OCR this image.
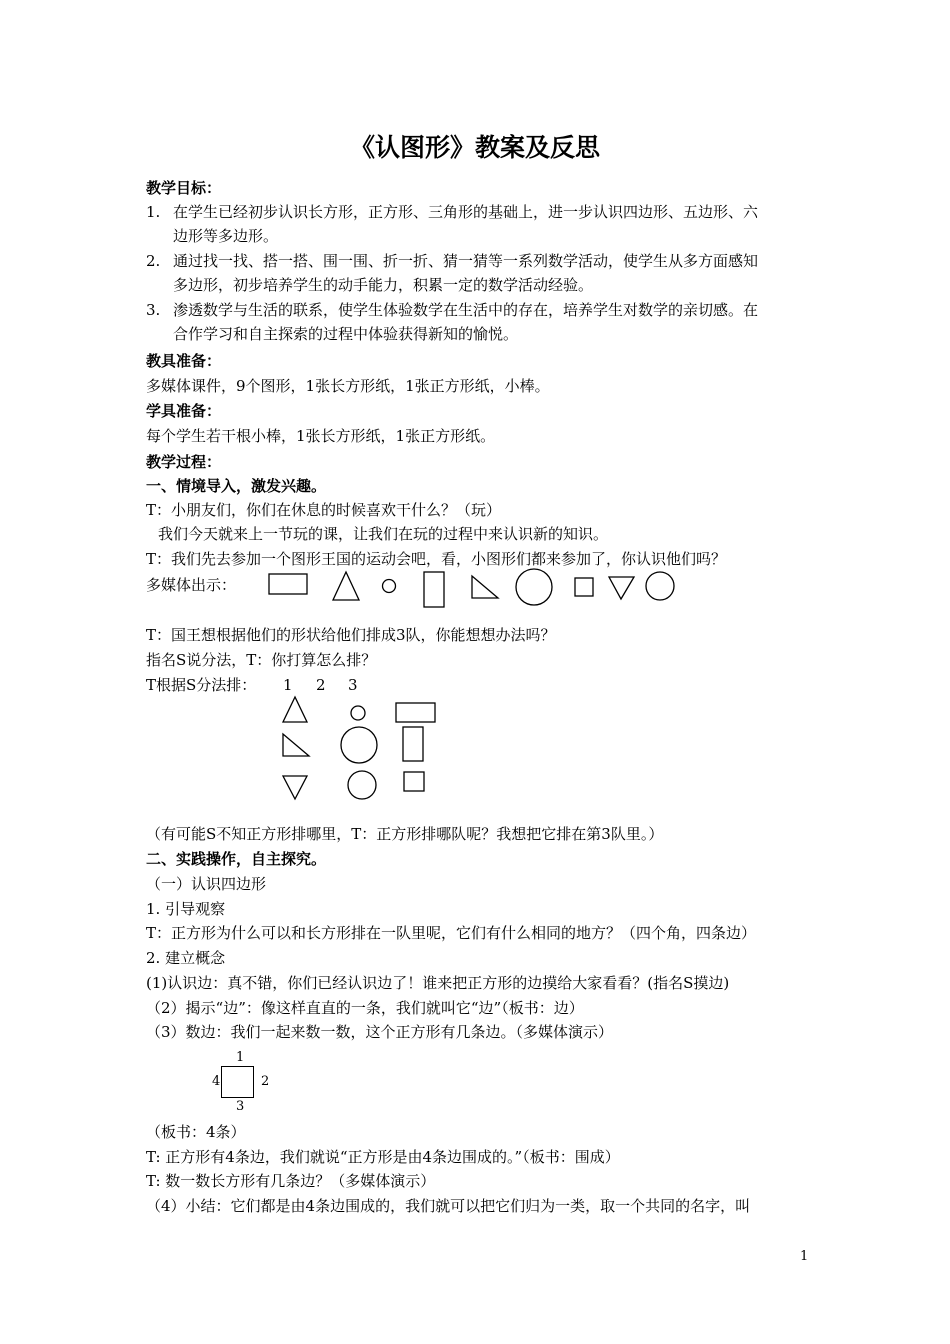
《认图形》教案及反思
教学目标：
1. 在学生已经初步认识长方形，正方形、三角形的基础上，进一步认识四边形、五边形、六
边形等多边形。
2. 通过找一找、搭一搭、围一围、折一折、猜一猜等一系列数学活动，使学生从多方面感知
多边形，初步培养学生的动手能力，积累一定的数学活动经验。
3. 渗透数学与生活的联系，使学生体验数学在生活中的存在，培养学生对数学的亲切感。在
合作学习和自主探索的过程中体验获得新知的愉悦。
教具准备：
多媒体课件，9个图形，1张长方形纸，1张正方形纸，小棒。
学具准备：
每个学生若干根小棒，1张长方形纸，1张正方形纸。
教学过程：
一、情境导入，激发兴趣。
T：小朋友们，你们在休息的时候喜欢干什么？（玩）
我们今天就来上一节玩的课，让我们在玩的过程中来认识新的知识。
T：我们先去参加一个图形王国的运动会吧，看，小图形们都来参加了，你认识他们吗？
多媒体出示：
T：国王想根据他们的形状给他们排成3队，你能想想办法吗？
指名S说分法，T：你打算怎么排？
T根据S分法排： 1 2 3
（有可能S不知正方形排哪里，T：正方形排哪队呢？我想把它排在第3队里。）
二、实践操作，自主探究。
（一）认识四边形
1. 引导观察
T：正方形为什么可以和长方形排在一队里呢，它们有什么相同的地方？（四个角，四条边）
2. 建立概念
(1)认识边：真不错，你们已经认识边了！谁来把正方形的边摸给大家看看？(指名S摸边)
（2）揭示“边”：像这样直直的一条，我们就叫它“边”（板书：边）
（3）数边：我们一起来数一数，这个正方形有几条边。（多媒体演示）
1
4	2
3
（板书：4条）
T: 正方形有4条边，我们就说“正方形是由4条边围成的。”（板书：围成）
T: 数一数长方形有几条边？（多媒体演示）
（4）小结：它们都是由4条边围成的，我们就可以把它们归为一类，取一个共同的名字，叫
1
